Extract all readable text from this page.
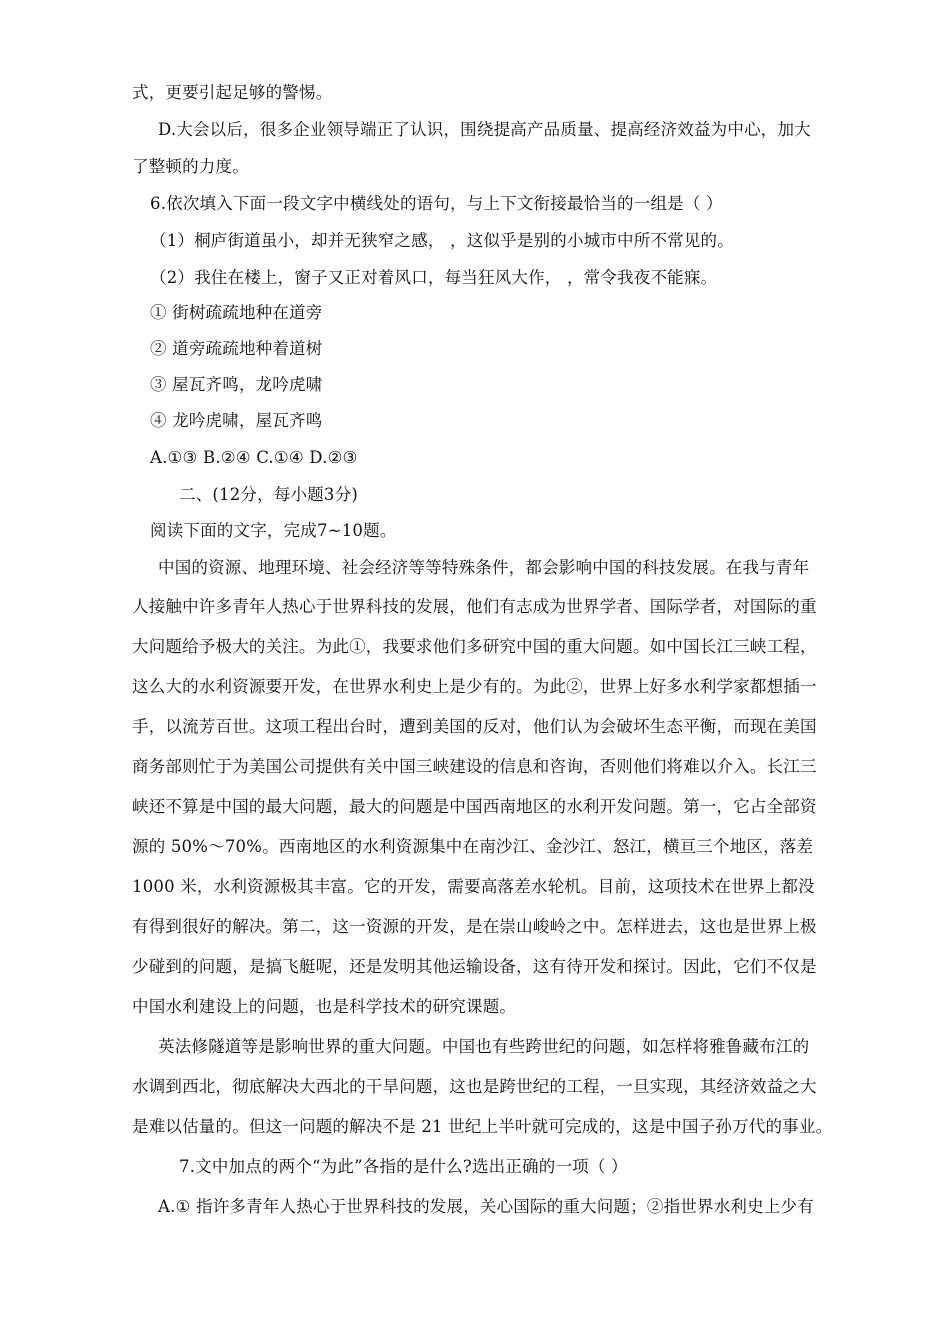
式，更要引起足够的警惕。
D.大会以后，很多企业领导端正了认识，围绕提高产品质量、提高经济效益为中心，加大
了整顿的力度。
6.依次填入下面一段文字中横线处的语句，与上下文衔接最恰当的一组是（ ）
（1）桐庐街道虽小，却并无狭窄之感， ，这似乎是别的小城市中所不常见的。
（2）我住在楼上，窗子又正对着风口，每当狂风大作， ，常令我夜不能寐。
① 街树疏疏地种在道旁
② 道旁疏疏地种着道树
③ 屋瓦齐鸣，龙吟虎啸
④ 龙吟虎啸，屋瓦齐鸣
A.①③ B.②④ C.①④ D.②③
二、(12分，每小题3分)
阅读下面的文字，完成7~10题。
中国的资源、地理环境、社会经济等等特殊条件，都会影响中国的科技发展。在我与青年
人接触中许多青年人热心于世界科技的发展，他们有志成为世界学者、国际学者，对国际的重
大问题给予极大的关注。为此①，我要求他们多研究中国的重大问题。如中国长江三峡工程，
这么大的水利资源要开发，在世界水利史上是少有的。为此②，世界上好多水利学家都想插一
手，以流芳百世。这项工程出台时，遭到美国的反对，他们认为会破坏生态平衡，而现在美国
商务部则忙于为美国公司提供有关中国三峡建设的信息和咨询，否则他们将难以介入。长江三
峡还不算是中国的最大问题，最大的问题是中国西南地区的水利开发问题。第一，它占全部资
源的 50%～70%。西南地区的水利资源集中在南沙江、金沙江、怒江，横亘三个地区，落差
1000 米，水利资源极其丰富。它的开发，需要高落差水轮机。目前，这项技术在世界上都没
有得到很好的解决。第二，这一资源的开发，是在崇山峻岭之中。怎样进去，这也是世界上极
少碰到的问题，是搞飞艇呢，还是发明其他运输设备，这有待开发和探讨。因此，它们不仅是
中国水利建设上的问题，也是科学技术的研究课题。
英法修隧道等是影响世界的重大问题。中国也有些跨世纪的问题，如怎样将雅鲁藏布江的
水调到西北，彻底解决大西北的干旱问题，这也是跨世纪的工程，一旦实现，其经济效益之大
是难以估量的。但这一问题的解决不是 21 世纪上半叶就可完成的，这是中国子孙万代的事业。
7.文中加点的两个“为此”各指的是什么?选出正确的一项（ ）
A.① 指许多青年人热心于世界科技的发展，关心国际的重大问题；②指世界水利史上少有
